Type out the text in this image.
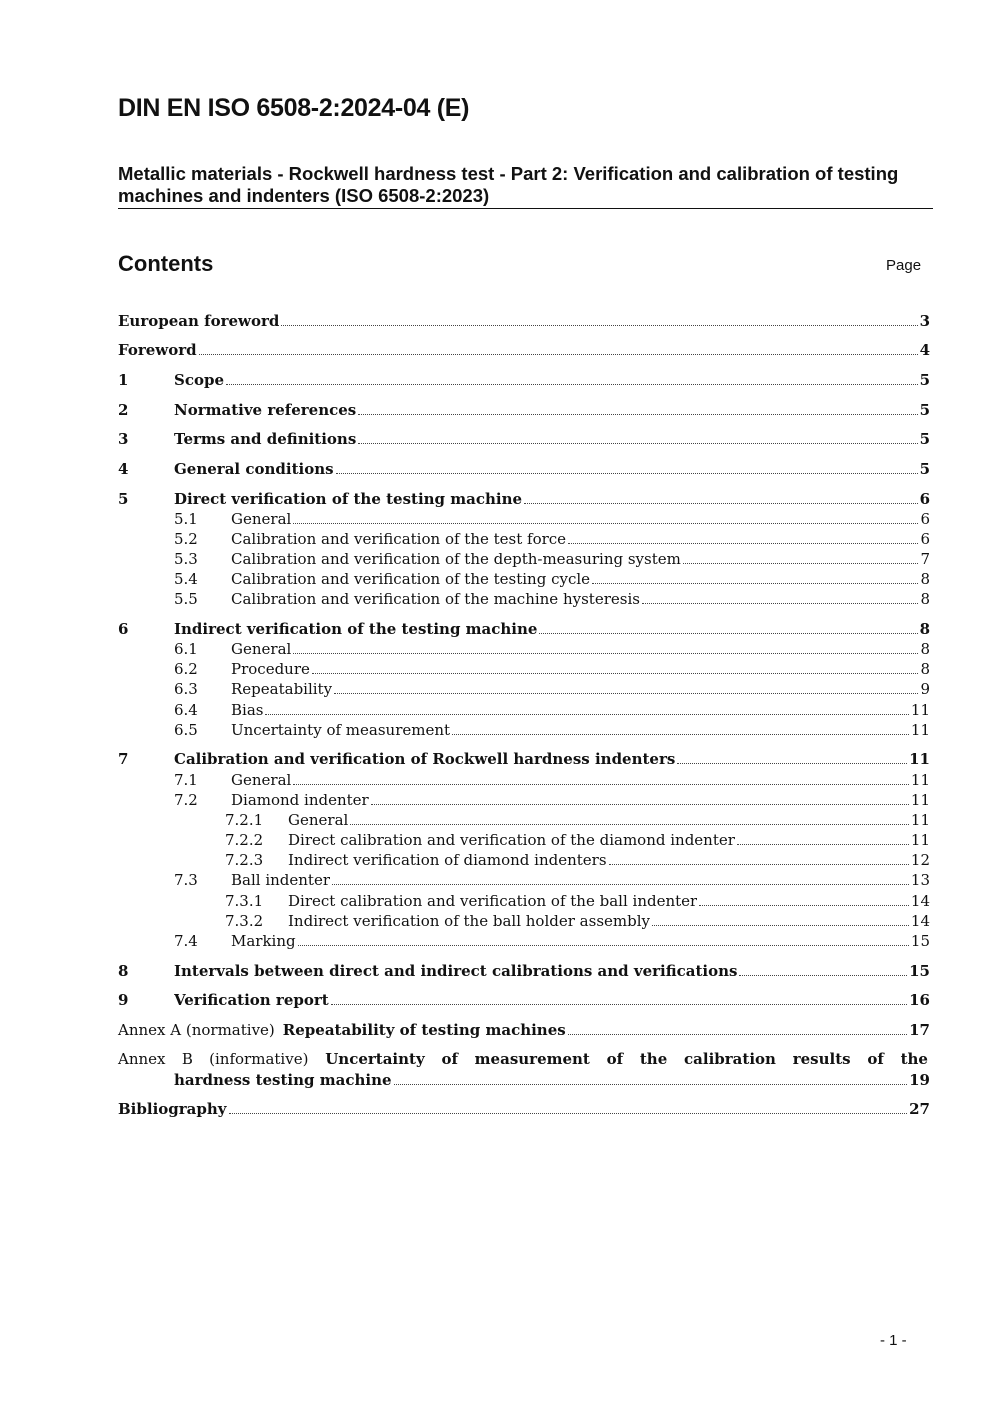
DIN EN ISO 6508-2:2024-04 (E)
Metallic materials - Rockwell hardness test - Part 2: Verification and calibration of testing machines and indenters (ISO 6508-2:2023)
Contents	Page
European foreword	3
Foreword	4
1	Scope	5
2	Normative references	5
3	Terms and definitions	5
4	General conditions	5
5	Direct verification of the testing machine	6
5.1 General	6
5.2 Calibration and verification of the test force	6
5.3 Calibration and verification of the depth-measuring system	7
5.4 Calibration and verification of the testing cycle	8
5.5 Calibration and verification of the machine hysteresis	8
6	Indirect verification of the testing machine	8
6.1 General	8
6.2 Procedure	8
6.3 Repeatability	9
6.4 Bias	11
6.5 Uncertainty of measurement	11
7	Calibration and verification of Rockwell hardness indenters	11
7.1 General	11
7.2 Diamond indenter	11
7.2.1 General	11
7.2.2 Direct calibration and verification of the diamond indenter	11
7.2.3 Indirect verification of diamond indenters	12
7.3 Ball indenter	13
7.3.1 Direct calibration and verification of the ball indenter	14
7.3.2 Indirect verification of the ball holder assembly	14
7.4 Marking	15
8	Intervals between direct and indirect calibrations and verifications	15
9	Verification report	16
Annex A (normative) Repeatability of testing machines	17
Annex B (informative) Uncertainty of measurement of the calibration results of the
hardness testing machine	19
Bibliography	27
- 1 -
